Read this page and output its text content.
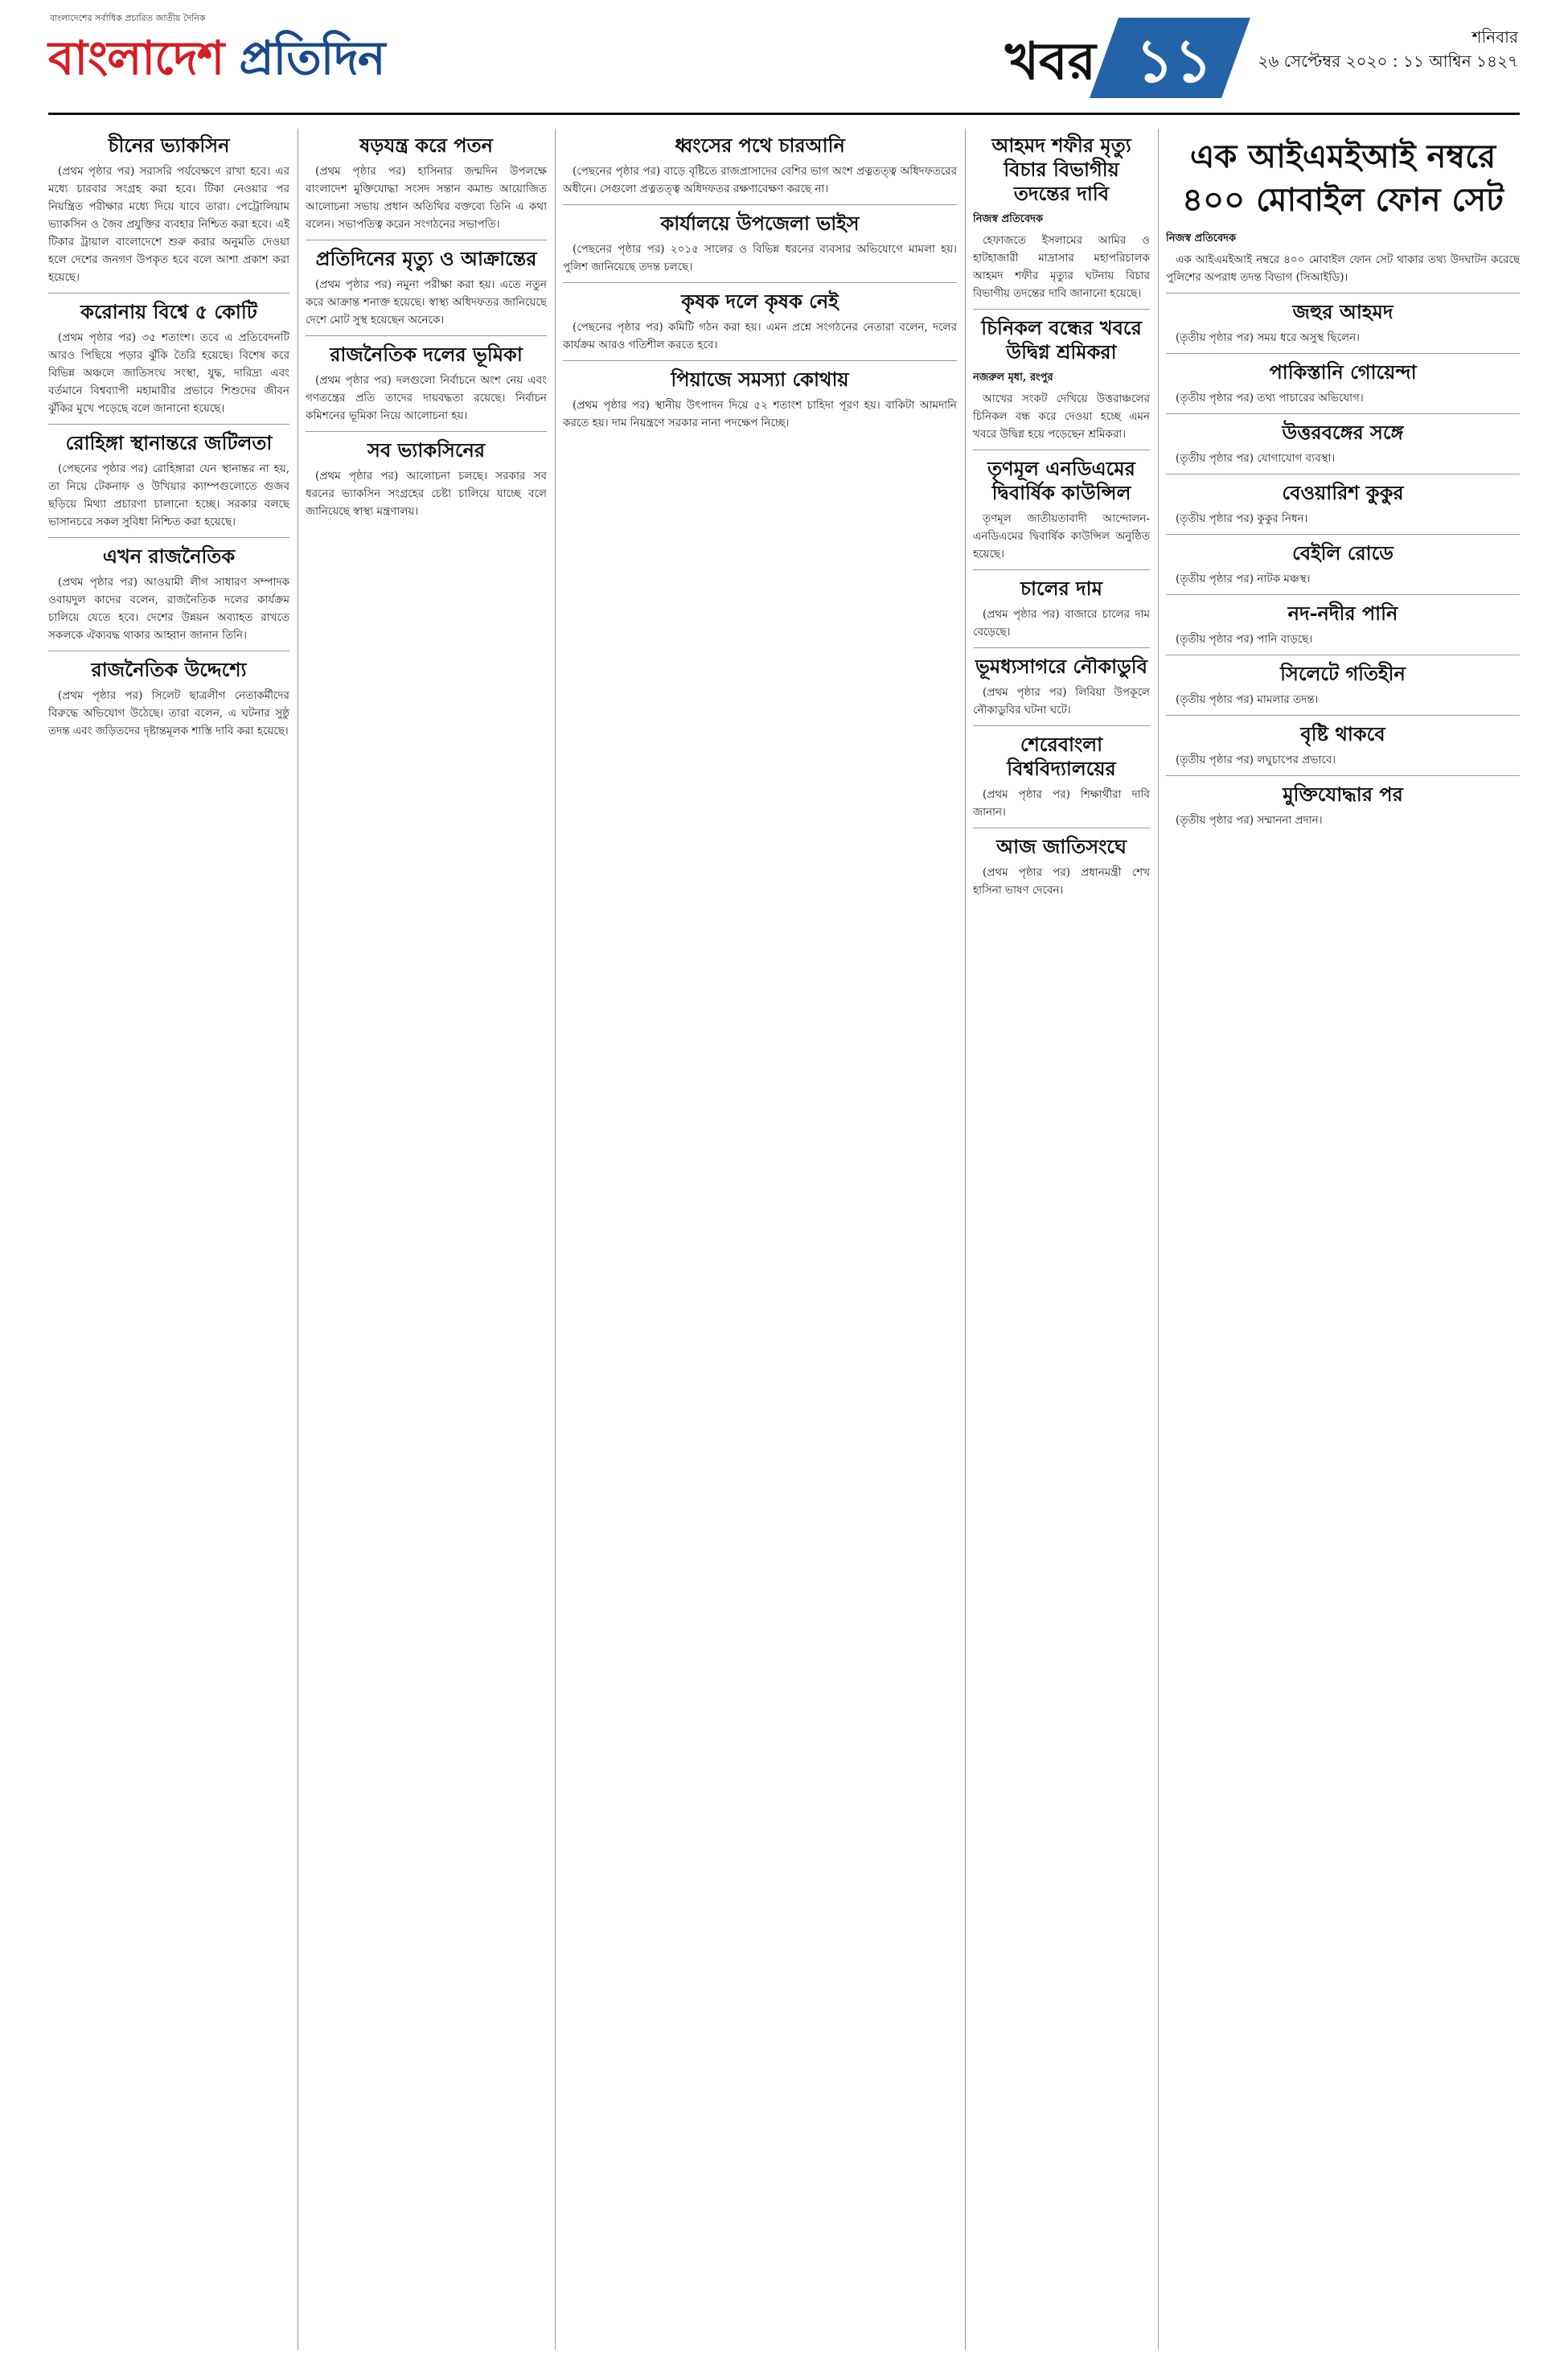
বাংলাদেশের সর্বাধিক প্রচারিত জাতীয় দৈনিক
বাংলাদেশ প্রতিদিন	খবর ১১	শনিবার
২৬ সেপ্টেম্বর ২০২০ : ১১ আশ্বিন ১৪২৭
চীনের ভ্যাকসিন

(প্রথম পৃষ্ঠার পর) সরাসরি পর্যবেক্ষণে রাখা হবে। এর মধ্যে চারবার সংগ্রহ করা হবে। টিকা নেওয়ার পর নিয়ন্ত্রিত পরীক্ষার মধ্যে দিয়ে যাবে তারা। পেট্রোলিয়াম ভ্যাকসিন ও জৈব প্রযুক্তির ব্যবহার নিশ্চিত করা হবে। এই টিকার ট্রায়াল বাংলাদেশে শুরু করার অনুমতি দেওয়া হলে দেশের জনগণ উপকৃত হবে বলে আশা প্রকাশ করা হয়েছে।

করোনায় বিশ্বে ৫ কোটি

(প্রথম পৃষ্ঠার পর) ৩৫ শতাংশ। তবে এ প্রতিবেদনটি আরও পিছিয়ে পড়ার ঝুঁকি তৈরি হয়েছে। বিশেষ করে বিভিন্ন অঞ্চলে জাতিসংঘ সংস্থা, যুদ্ধ, দারিদ্র্য এবং বর্তমানে বিশ্বব্যাপী মহামারীর প্রভাবে শিশুদের জীবন ঝুঁকির মুখে পড়েছে বলে জানানো হয়েছে।

রোহিঙ্গা স্থানান্তরে জটিলতা

(পেছনের পৃষ্ঠার পর) রোহিঙ্গারা যেন স্থানান্তর না হয়, তা নিয়ে টেকনাফ ও উখিয়ার ক্যাম্পগুলোতে গুজব ছড়িয়ে মিথ্যা প্রচারণা চালানো হচ্ছে। সরকার বলছে ভাসানচরে সকল সুবিধা নিশ্চিত করা হয়েছে।

এখন রাজনৈতিক

(প্রথম পৃষ্ঠার পর) আওয়ামী লীগ সাধারণ সম্পাদক ওবায়দুল কাদের বলেন, রাজনৈতিক দলের কার্যক্রম চালিয়ে যেতে হবে। দেশের উন্নয়ন অব্যাহত রাখতে সকলকে ঐক্যবদ্ধ থাকার আহ্বান জানান তিনি।

রাজনৈতিক উদ্দেশ্যে

(প্রথম পৃষ্ঠার পর) সিলেট ছাত্রলীগ নেতাকর্মীদের বিরুদ্ধে অভিযোগ উঠেছে। তারা বলেন, এ ঘটনার সুষ্ঠু তদন্ত এবং জড়িতদের দৃষ্টান্তমূলক শাস্তি দাবি করা হয়েছে।

ষড়যন্ত্র করে পতন

(প্রথম পৃষ্ঠার পর) হাসিনার জন্মদিন উপলক্ষে বাংলাদেশ মুক্তিযোদ্ধা সংসদ সন্তান কমান্ড আয়োজিত আলোচনা সভায় প্রধান অতিথির বক্তব্যে তিনি এ কথা বলেন। সভাপতিত্ব করেন সংগঠনের সভাপতি।

প্রতিদিনের মৃত্যু ও আক্রান্তের

(প্রথম পৃষ্ঠার পর) নমুনা পরীক্ষা করা হয়। এতে নতুন করে আক্রান্ত শনাক্ত হয়েছে। স্বাস্থ্য অধিদফতর জানিয়েছে দেশে মোট সুস্থ হয়েছেন অনেকে।

রাজনৈতিক দলের ভূমিকা

(প্রথম পৃষ্ঠার পর) দলগুলো নির্বাচনে অংশ নেয় এবং গণতন্ত্রের প্রতি তাদের দায়বদ্ধতা রয়েছে। নির্বাচন কমিশনের ভূমিকা নিয়ে আলোচনা হয়।

সব ভ্যাকসিনের

(প্রথম পৃষ্ঠার পর) আলোচনা চলছে। সরকার সব ধরনের ভ্যাকসিন সংগ্রহের চেষ্টা চালিয়ে যাচ্ছে বলে জানিয়েছে স্বাস্থ্য মন্ত্রণালয়।

ধ্বংসের পথে চারআনি

(পেছনের পৃষ্ঠার পর) বাড়ে বৃষ্টিতে রাজপ্রাসাদের বেশির ভাগ অংশ প্রত্নতত্ত্ব অধিদফতরের অধীনে। সেগুলো প্রত্নতত্ত্ব অধিদফতর রক্ষণাবেক্ষণ করছে না।

কার্যালয়ে উপজেলা ভাইস

(পেছনের পৃষ্ঠার পর) ২০১৫ সালের ও বিভিন্ন ধরনের ব্যবসার অভিযোগে মামলা হয়। পুলিশ জানিয়েছে তদন্ত চলছে।

কৃষক দলে কৃষক নেই

(পেছনের পৃষ্ঠার পর) কমিটি গঠন করা হয়। এমন প্রশ্নে সংগঠনের নেতারা বলেন, দলের কার্যক্রম আরও গতিশীল করতে হবে।

পিয়াজে সমস্যা কোথায়

(প্রথম পৃষ্ঠার পর) স্থানীয় উৎপাদন দিয়ে ৫২ শতাংশ চাহিদা পূরণ হয়। বাকিটা আমদানি করতে হয়। দাম নিয়ন্ত্রণে সরকার নানা পদক্ষেপ নিচ্ছে।

আহমদ শফীর মৃত্যু বিচার বিভাগীয় তদন্তের দাবি

নিজস্ব প্রতিবেদক

হেফাজতে ইসলামের আমির ও হাটহাজারী মাদ্রাসার মহাপরিচালক আহমদ শফীর মৃত্যুর ঘটনায় বিচার বিভাগীয় তদন্তের দাবি জানানো হয়েছে।

চিনিকল বন্ধের খবরে উদ্বিগ্ন শ্রমিকরা

নজরুল মৃধা, রংপুর

আখের সংকট দেখিয়ে উত্তরাঞ্চলের চিনিকল বন্ধ করে দেওয়া হচ্ছে এমন খবরে উদ্বিগ্ন হয়ে পড়েছেন শ্রমিকরা।

তৃণমূল এনডিএমের দ্বিবার্ষিক কাউন্সিল

তৃণমূল জাতীয়তাবাদী আন্দোলন-এনডিএমের দ্বিবার্ষিক কাউন্সিল অনুষ্ঠিত হয়েছে।

চালের দাম

(প্রথম পৃষ্ঠার পর) বাজারে চালের দাম বেড়েছে।

ভূমধ্যসাগরে নৌকাডুবি

(প্রথম পৃষ্ঠার পর) লিবিয়া উপকূলে নৌকাডুবির ঘটনা ঘটে।

শেরেবাংলা বিশ্ববিদ্যালয়ের

(প্রথম পৃষ্ঠার পর) শিক্ষার্থীরা দাবি জানান।

আজ জাতিসংঘে

(প্রথম পৃষ্ঠার পর) প্রধানমন্ত্রী শেখ হাসিনা ভাষণ দেবেন।

এক আইএমইআই নম্বরে ৪০০ মোবাইল ফোন সেট

নিজস্ব প্রতিবেদক

এক আইএমইআই নম্বরে ৪০০ মোবাইল ফোন সেট থাকার তথ্য উদঘাটন করেছে পুলিশের অপরাধ তদন্ত বিভাগ (সিআইডি)।

জহুর আহমদ

(তৃতীয় পৃষ্ঠার পর) সময় ধরে অসুস্থ ছিলেন।

পাকিস্তানি গোয়েন্দা

(তৃতীয় পৃষ্ঠার পর) তথ্য পাচারের অভিযোগ।

উত্তরবঙ্গের সঙ্গে

(তৃতীয় পৃষ্ঠার পর) যোগাযোগ ব্যবস্থা।

বেওয়ারিশ কুকুর

(তৃতীয় পৃষ্ঠার পর) কুকুর নিধন।

বেইলি রোডে

(তৃতীয় পৃষ্ঠার পর) নাটক মঞ্চস্থ।

নদ-নদীর পানি

(তৃতীয় পৃষ্ঠার পর) পানি বাড়ছে।

সিলেটে গতিহীন

(তৃতীয় পৃষ্ঠার পর) মামলার তদন্ত।

বৃষ্টি থাকবে

(তৃতীয় পৃষ্ঠার পর) লঘুচাপের প্রভাবে।

মুক্তিযোদ্ধার পর

(তৃতীয় পৃষ্ঠার পর) সম্মাননা প্রদান।
